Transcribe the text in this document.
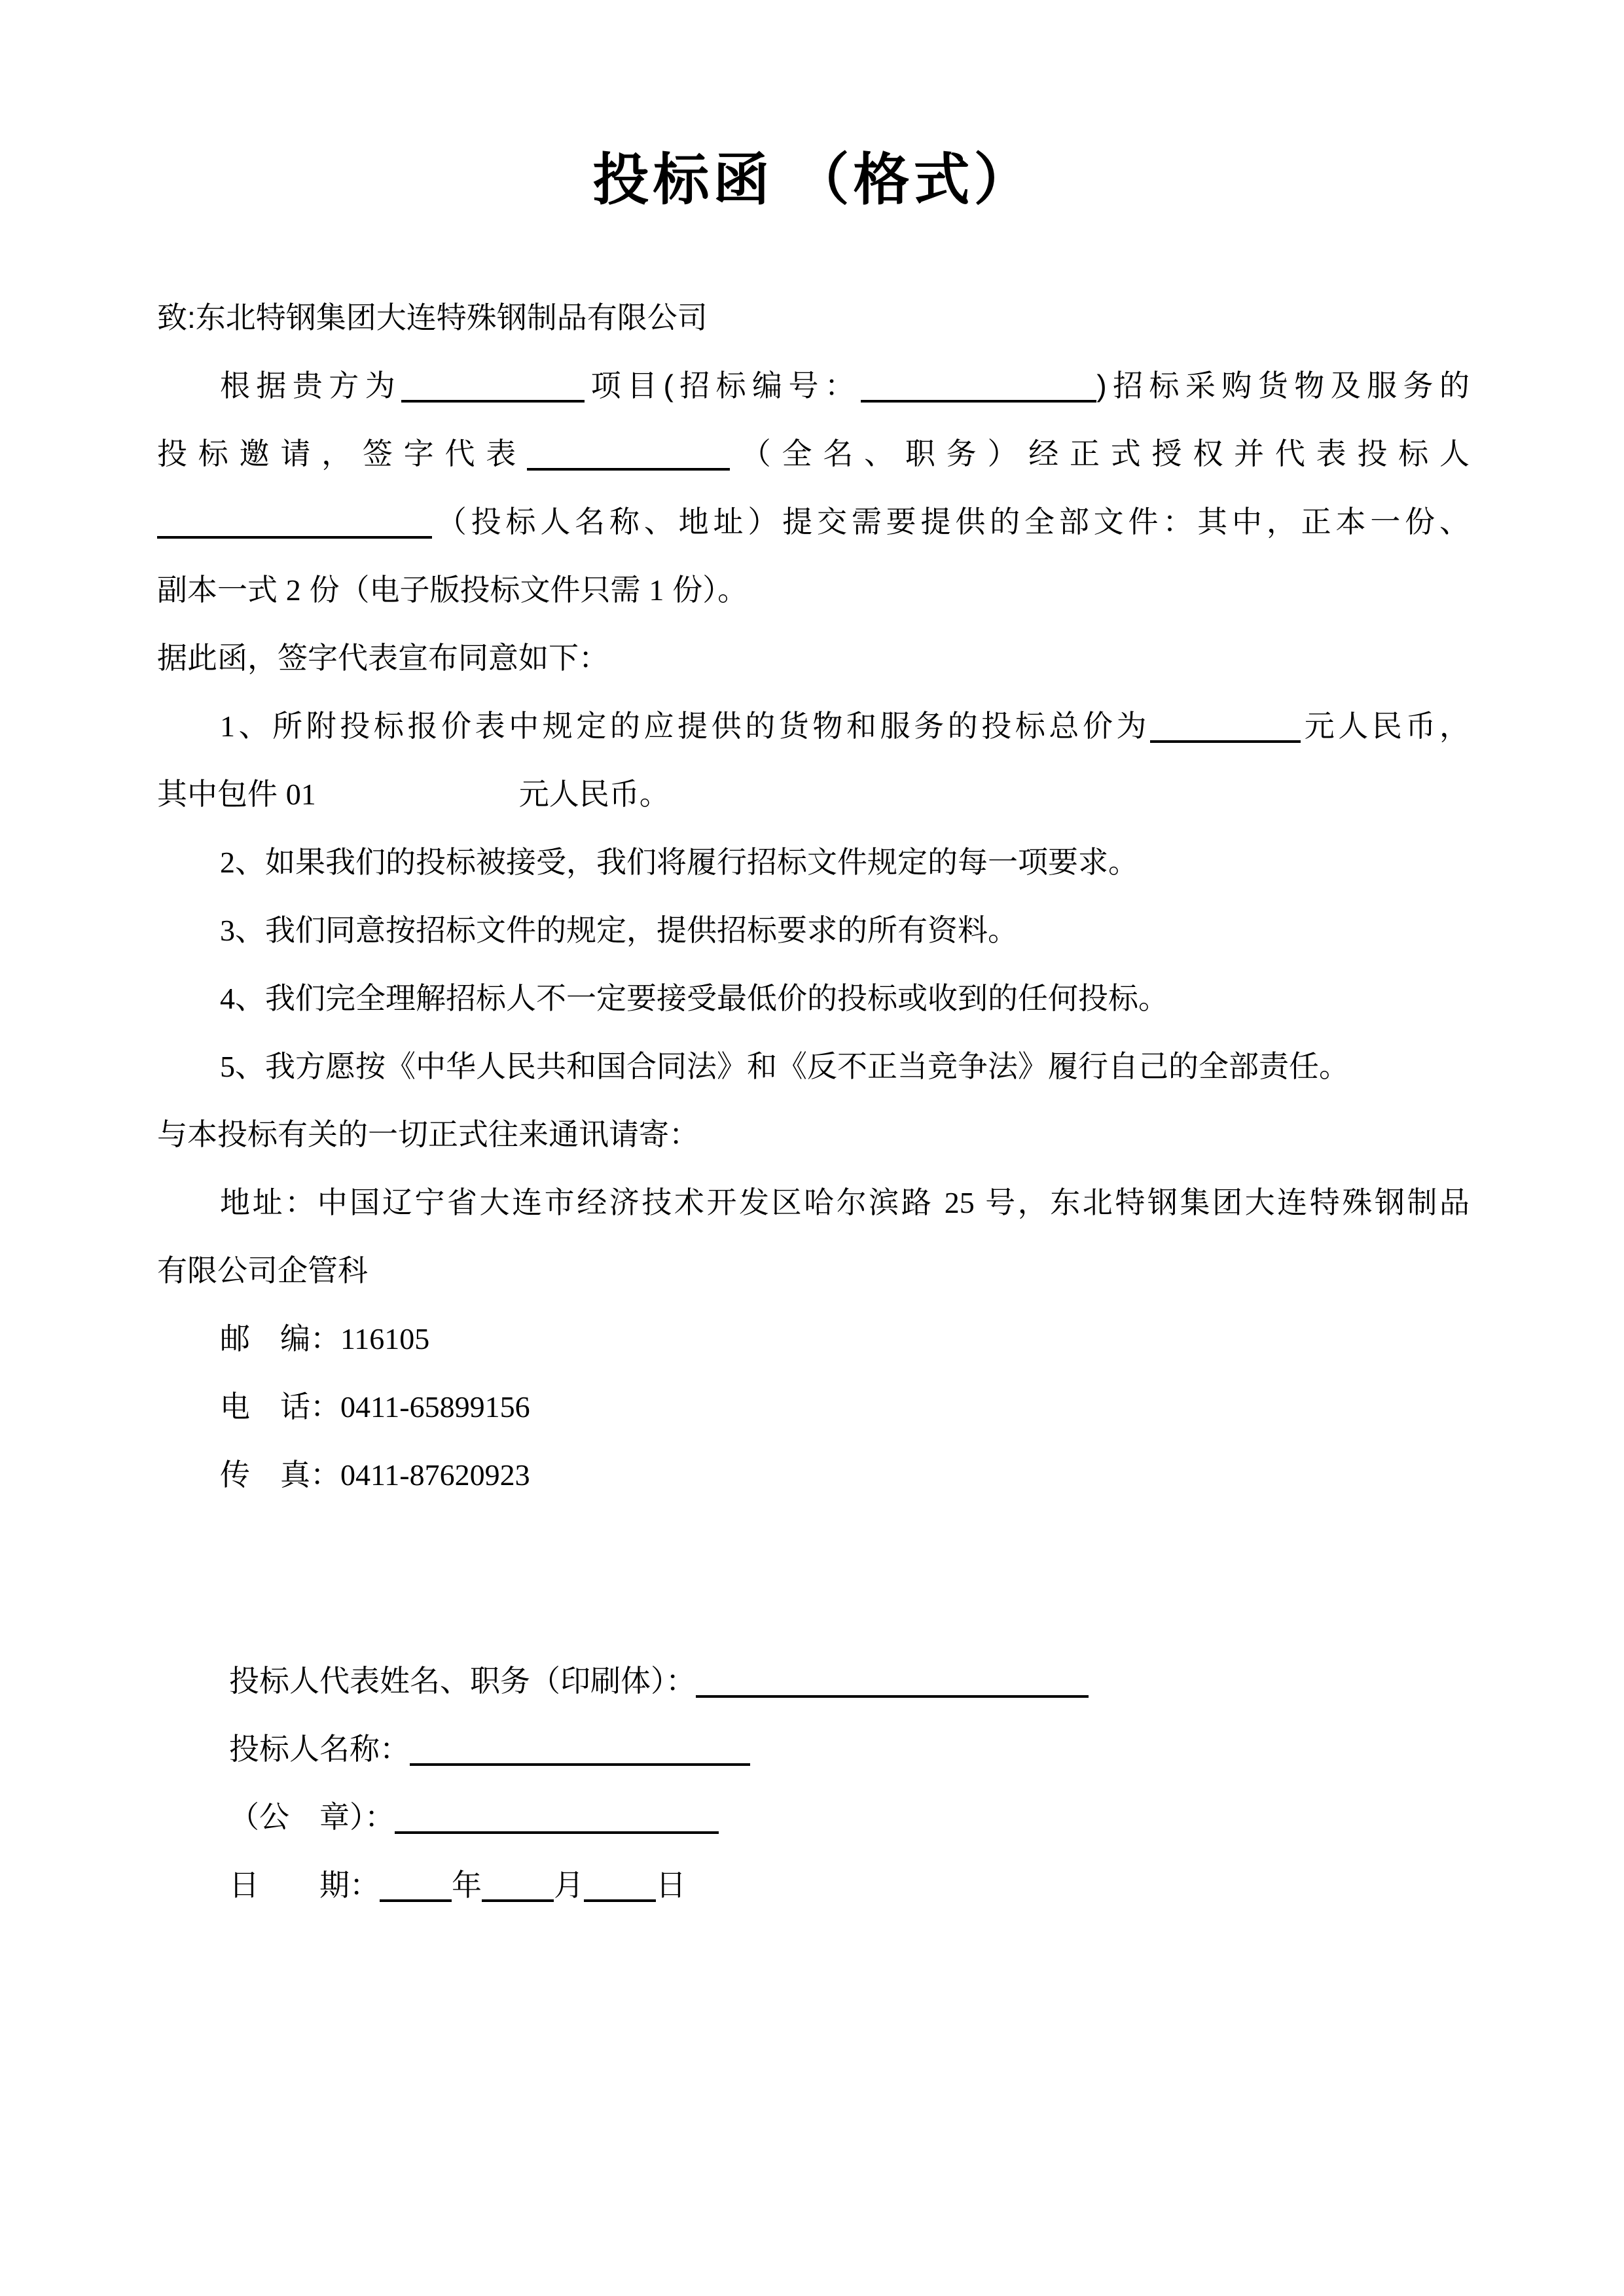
投标函 （格式）
致:东北特钢集团大连特殊钢制品有限公司
根据贵方为	项目(招标编号：	)招标采购货物及服务的
投标邀请，签字代表	（全名、职务）经正式授权并代表投标人
（投标人名称、地址）提交需要提供的全部文件：其中，正本一份、
副本一式 2 份（电子版投标文件只需 1 份）。
据此函，签字代表宣布同意如下：
1、所附投标报价表中规定的应提供的货物和服务的投标总价为	元人民币，
其中包件 01	元人民币。
2、如果我们的投标被接受，我们将履行招标文件规定的每一项要求。
3、我们同意按招标文件的规定，提供招标要求的所有资料。
4、我们完全理解招标人不一定要接受最低价的投标或收到的任何投标。
5、我方愿按《中华人民共和国合同法》和《反不正当竞争法》履行自己的全部责任。
与本投标有关的一切正式往来通讯请寄：
地址：中国辽宁省大连市经济技术开发区哈尔滨路 25 号，东北特钢集团大连特殊钢制品
有限公司企管科
邮　编：116105
电　话：0411-65899156
传　真：0411-87620923
投标人代表姓名、职务（印刷体）：
投标人名称：
（公　章）：
日　　期： 年 月 日
